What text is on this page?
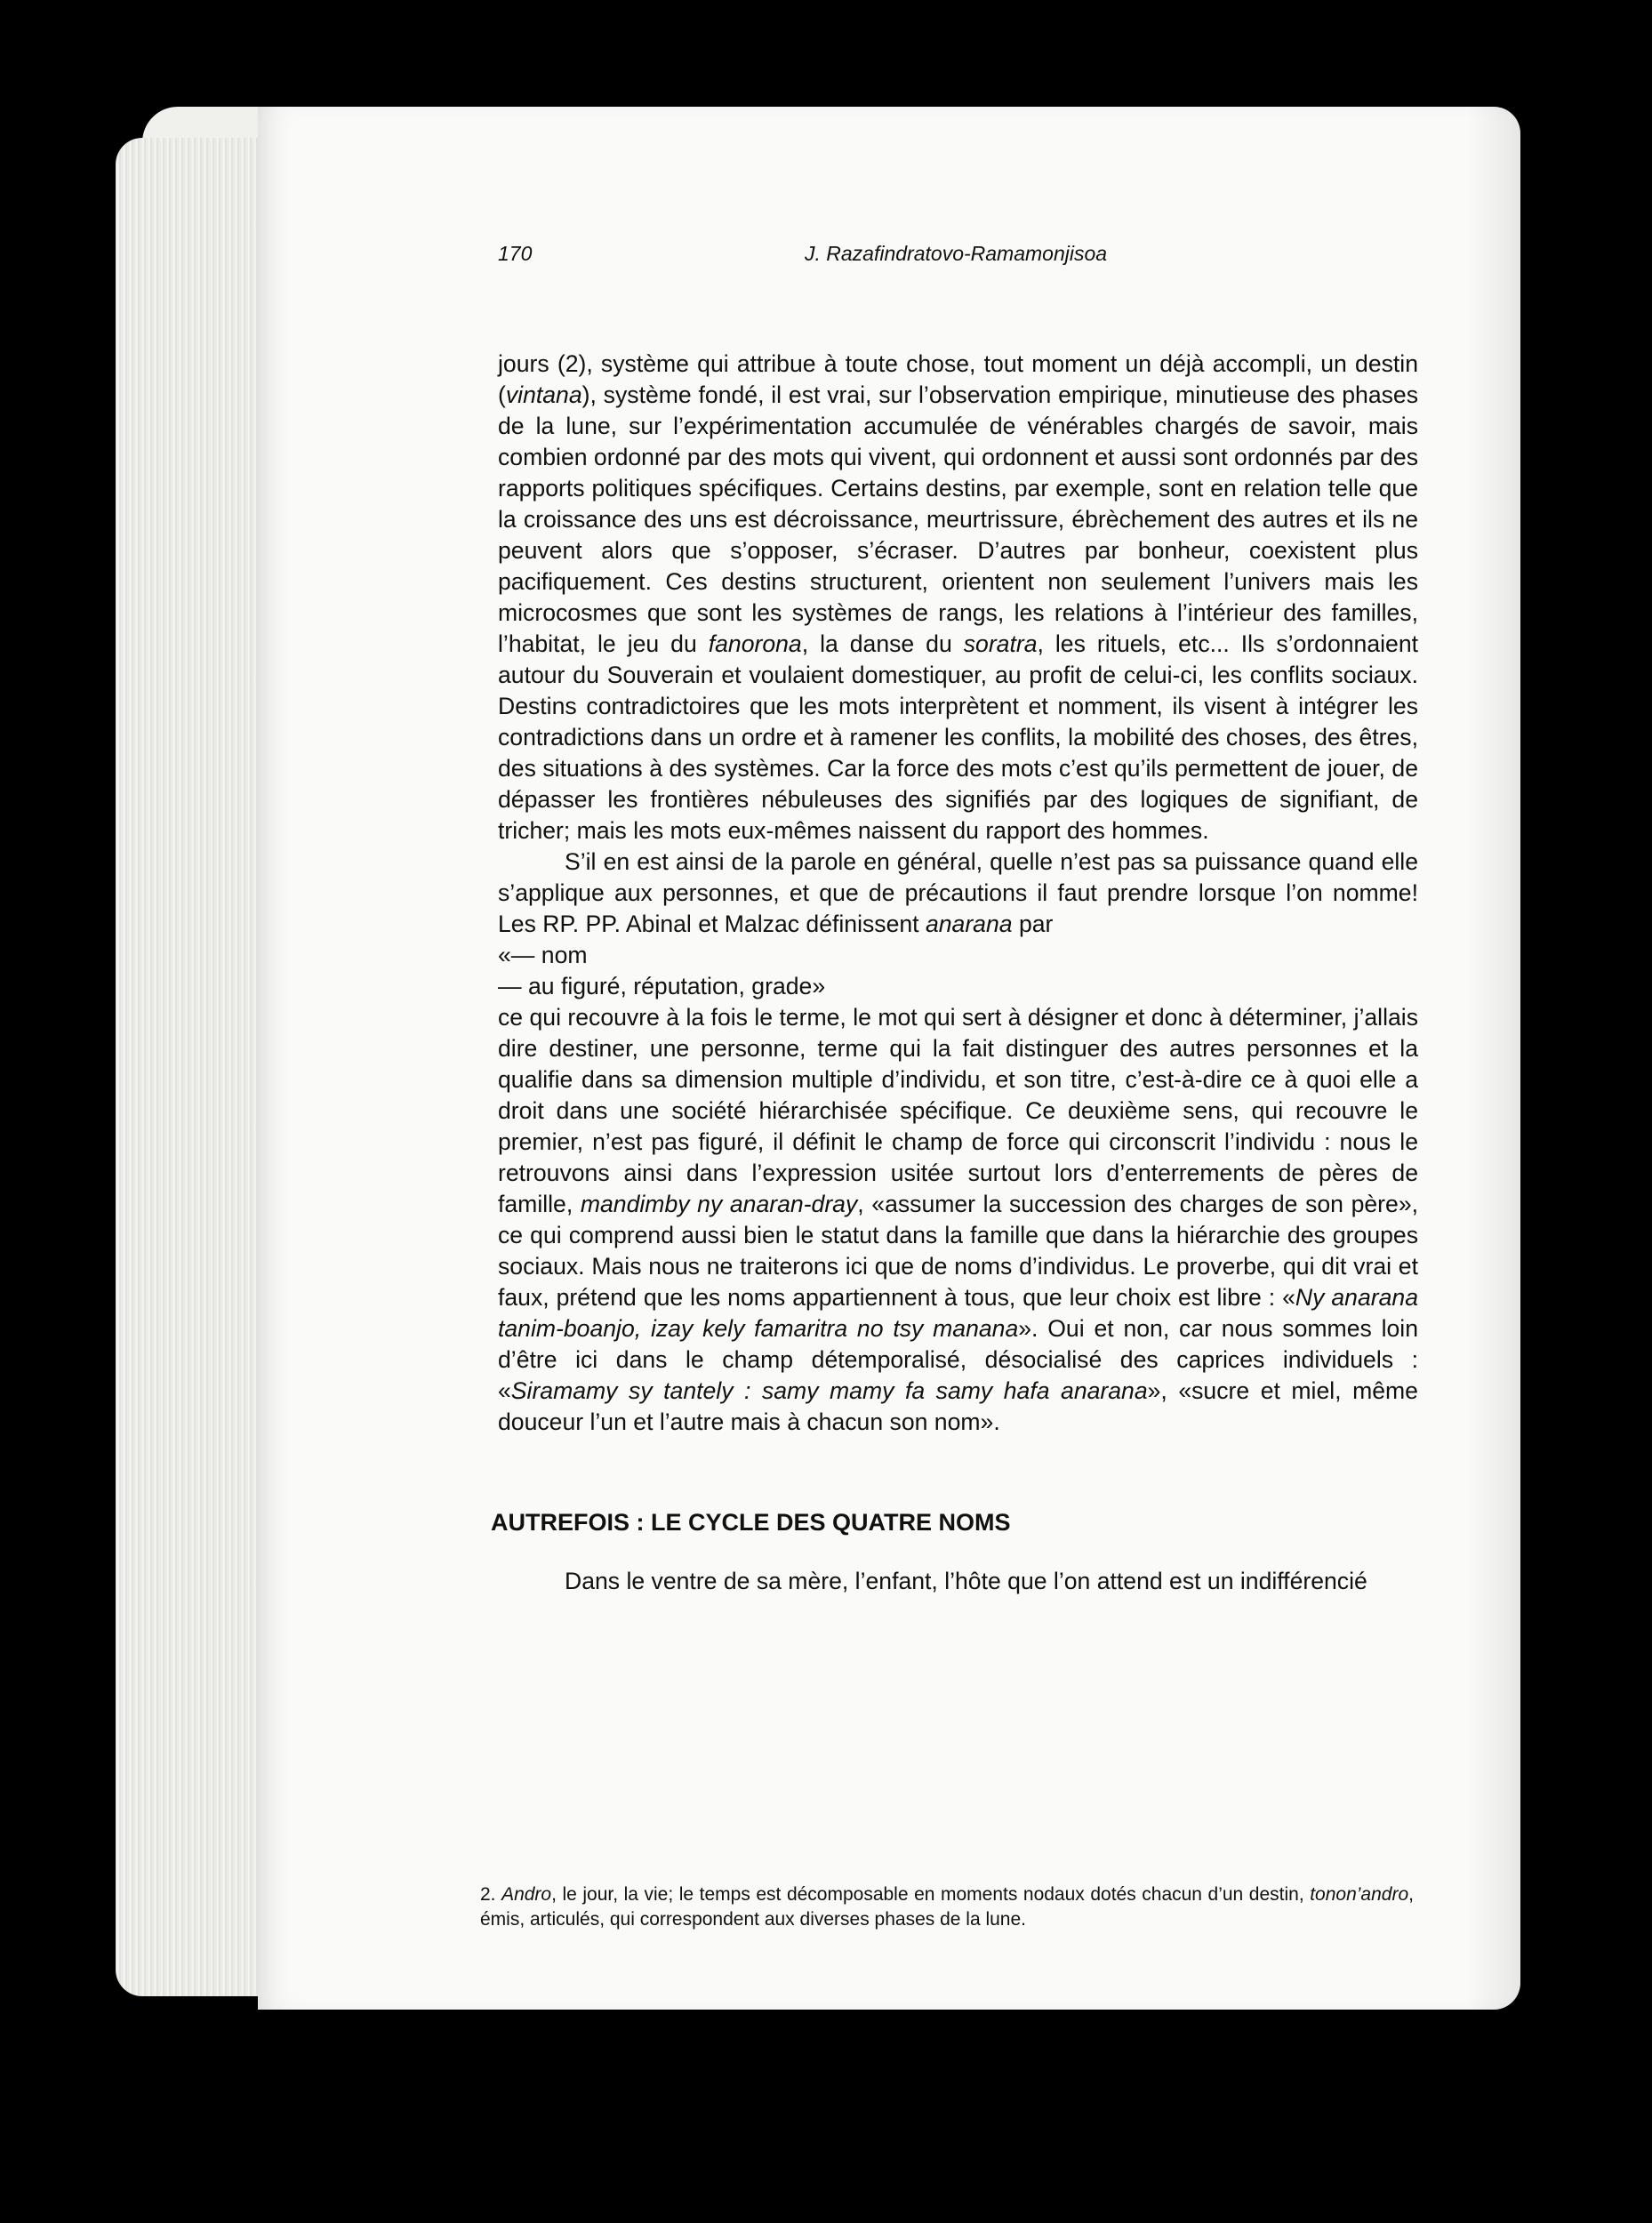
170	J. Razafindratovo-Ramamonjisoa

jours (2), système qui attribue à toute chose, tout moment un déjà accompli, un destin (vintana), système fondé, il est vrai, sur l’observation empirique, minutieuse des phases de la lune, sur l’expérimentation accumulée de vénérables chargés de savoir, mais combien ordonné par des mots qui vivent, qui ordonnent et aussi sont ordonnés par des rapports politiques spécifiques. Certains destins, par exemple, sont en relation telle que la croissance des uns est décroissance, meurtrissure, ébrèchement des autres et ils ne peuvent alors que s’opposer, s’écraser. D’autres par bonheur, coexistent plus pacifiquement. Ces destins structurent, orientent non seulement l’univers mais les microcosmes que sont les systèmes de rangs, les relations à l’intérieur des familles, l’habitat, le jeu du fanorona, la danse du soratra, les rituels, etc... Ils s’ordonnaient autour du Souverain et voulaient domestiquer, au profit de celui-ci, les conflits sociaux. Destins contradictoires que les mots interprètent et nomment, ils visent à intégrer les contradictions dans un ordre et à ramener les conflits, la mobilité des choses, des êtres, des situations à des systèmes. Car la force des mots c’est qu’ils permettent de jouer, de dépasser les frontières nébuleuses des signifiés par des logiques de signifiant, de tricher; mais les mots eux-mêmes naissent du rapport des hommes.

S’il en est ainsi de la parole en général, quelle n’est pas sa puissance quand elle s’applique aux personnes, et que de précautions il faut prendre lorsque l’on nomme! Les RP. PP. Abinal et Malzac définissent anarana par

«— nom
— au figuré, réputation, grade»

ce qui recouvre à la fois le terme, le mot qui sert à désigner et donc à déterminer, j’allais dire destiner, une personne, terme qui la fait distinguer des autres personnes et la qualifie dans sa dimension multiple d’individu, et son titre, c’est-à-dire ce à quoi elle a droit dans une société hiérarchisée spécifique. Ce deuxième sens, qui recouvre le premier, n’est pas figuré, il définit le champ de force qui circonscrit l’individu : nous le retrouvons ainsi dans l’expression usitée surtout lors d’enterrements de pères de famille, mandimby ny anaran-dray, «assumer la succession des charges de son père», ce qui comprend aussi bien le statut dans la famille que dans la hiérarchie des groupes sociaux. Mais nous ne traiterons ici que de noms d’individus. Le proverbe, qui dit vrai et faux, prétend que les noms appartiennent à tous, que leur choix est libre : «Ny anarana tanim-boanjo, izay kely famaritra no tsy manana». Oui et non, car nous sommes loin d’être ici dans le champ détemporalisé, désocialisé des caprices individuels : «Siramamy sy tantely : samy mamy fa samy hafa anarana», «sucre et miel, même douceur l’un et l’autre mais à chacun son nom».

AUTREFOIS : LE CYCLE DES QUATRE NOMS

Dans le ventre de sa mère, l’enfant, l’hôte que l’on attend est un indifférencié

2. Andro, le jour, la vie; le temps est décomposable en moments nodaux dotés chacun d’un destin, tonon’andro, émis, articulés, qui correspondent aux diverses phases de la lune.
